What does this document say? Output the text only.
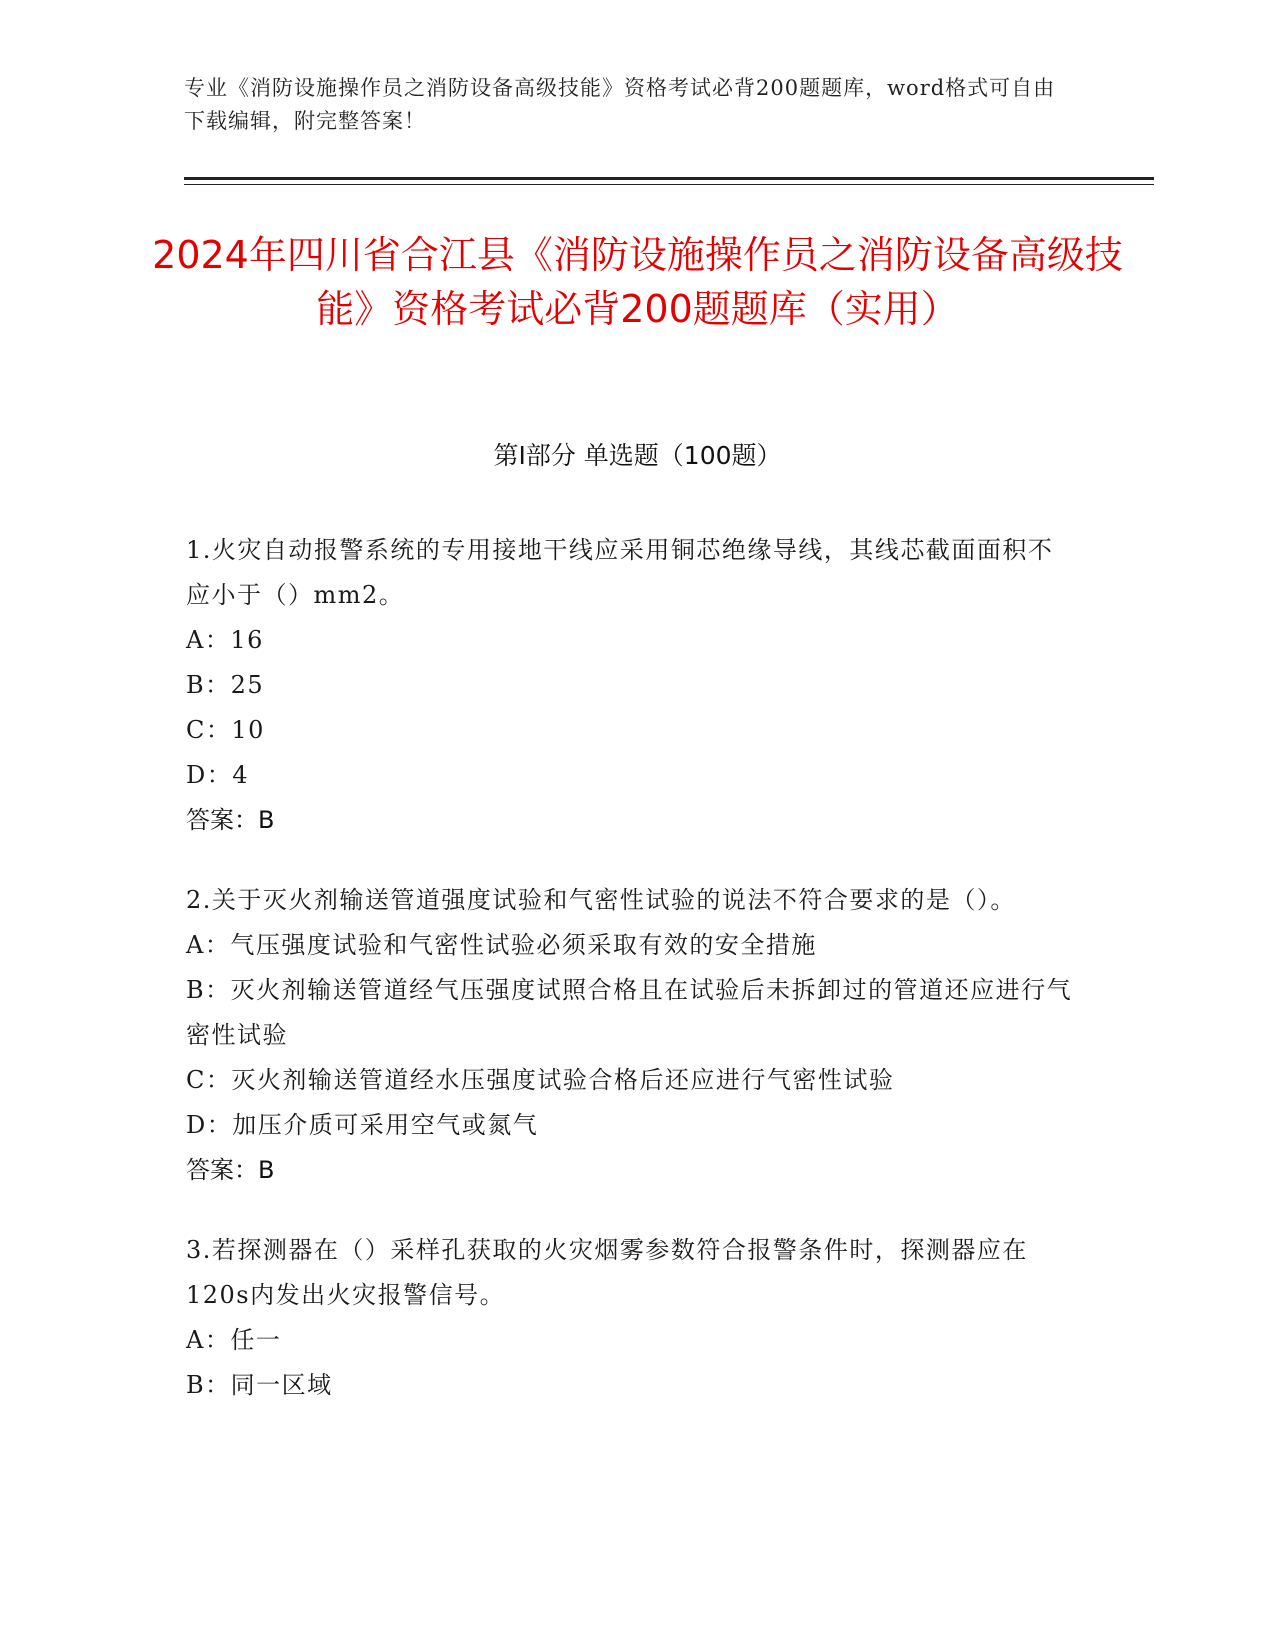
专业《消防设施操作员之消防设备高级技能》资格考试必背200题题库，word格式可自由下载编辑，附完整答案！
2024年四川省合江县《消防设施操作员之消防设备高级技能》资格考试必背200题题库（实用）
第I部分 单选题（100题）
1.火灾自动报警系统的专用接地干线应采用铜芯绝缘导线，其线芯截面面积不应小于（）mm2。
A：16
B：25
C：10
D：4
答案：B
2.关于灭火剂输送管道强度试验和气密性试验的说法不符合要求的是（）。
A：气压强度试验和气密性试验必须采取有效的安全措施
B：灭火剂输送管道经气压强度试照合格且在试验后未拆卸过的管道还应进行气密性试验
C：灭火剂输送管道经水压强度试验合格后还应进行气密性试验
D：加压介质可采用空气或氮气
答案：B
3.若探测器在（）采样孔获取的火灾烟雾参数符合报警条件时，探测器应在120s内发出火灾报警信号。
A：任一
B：同一区域
